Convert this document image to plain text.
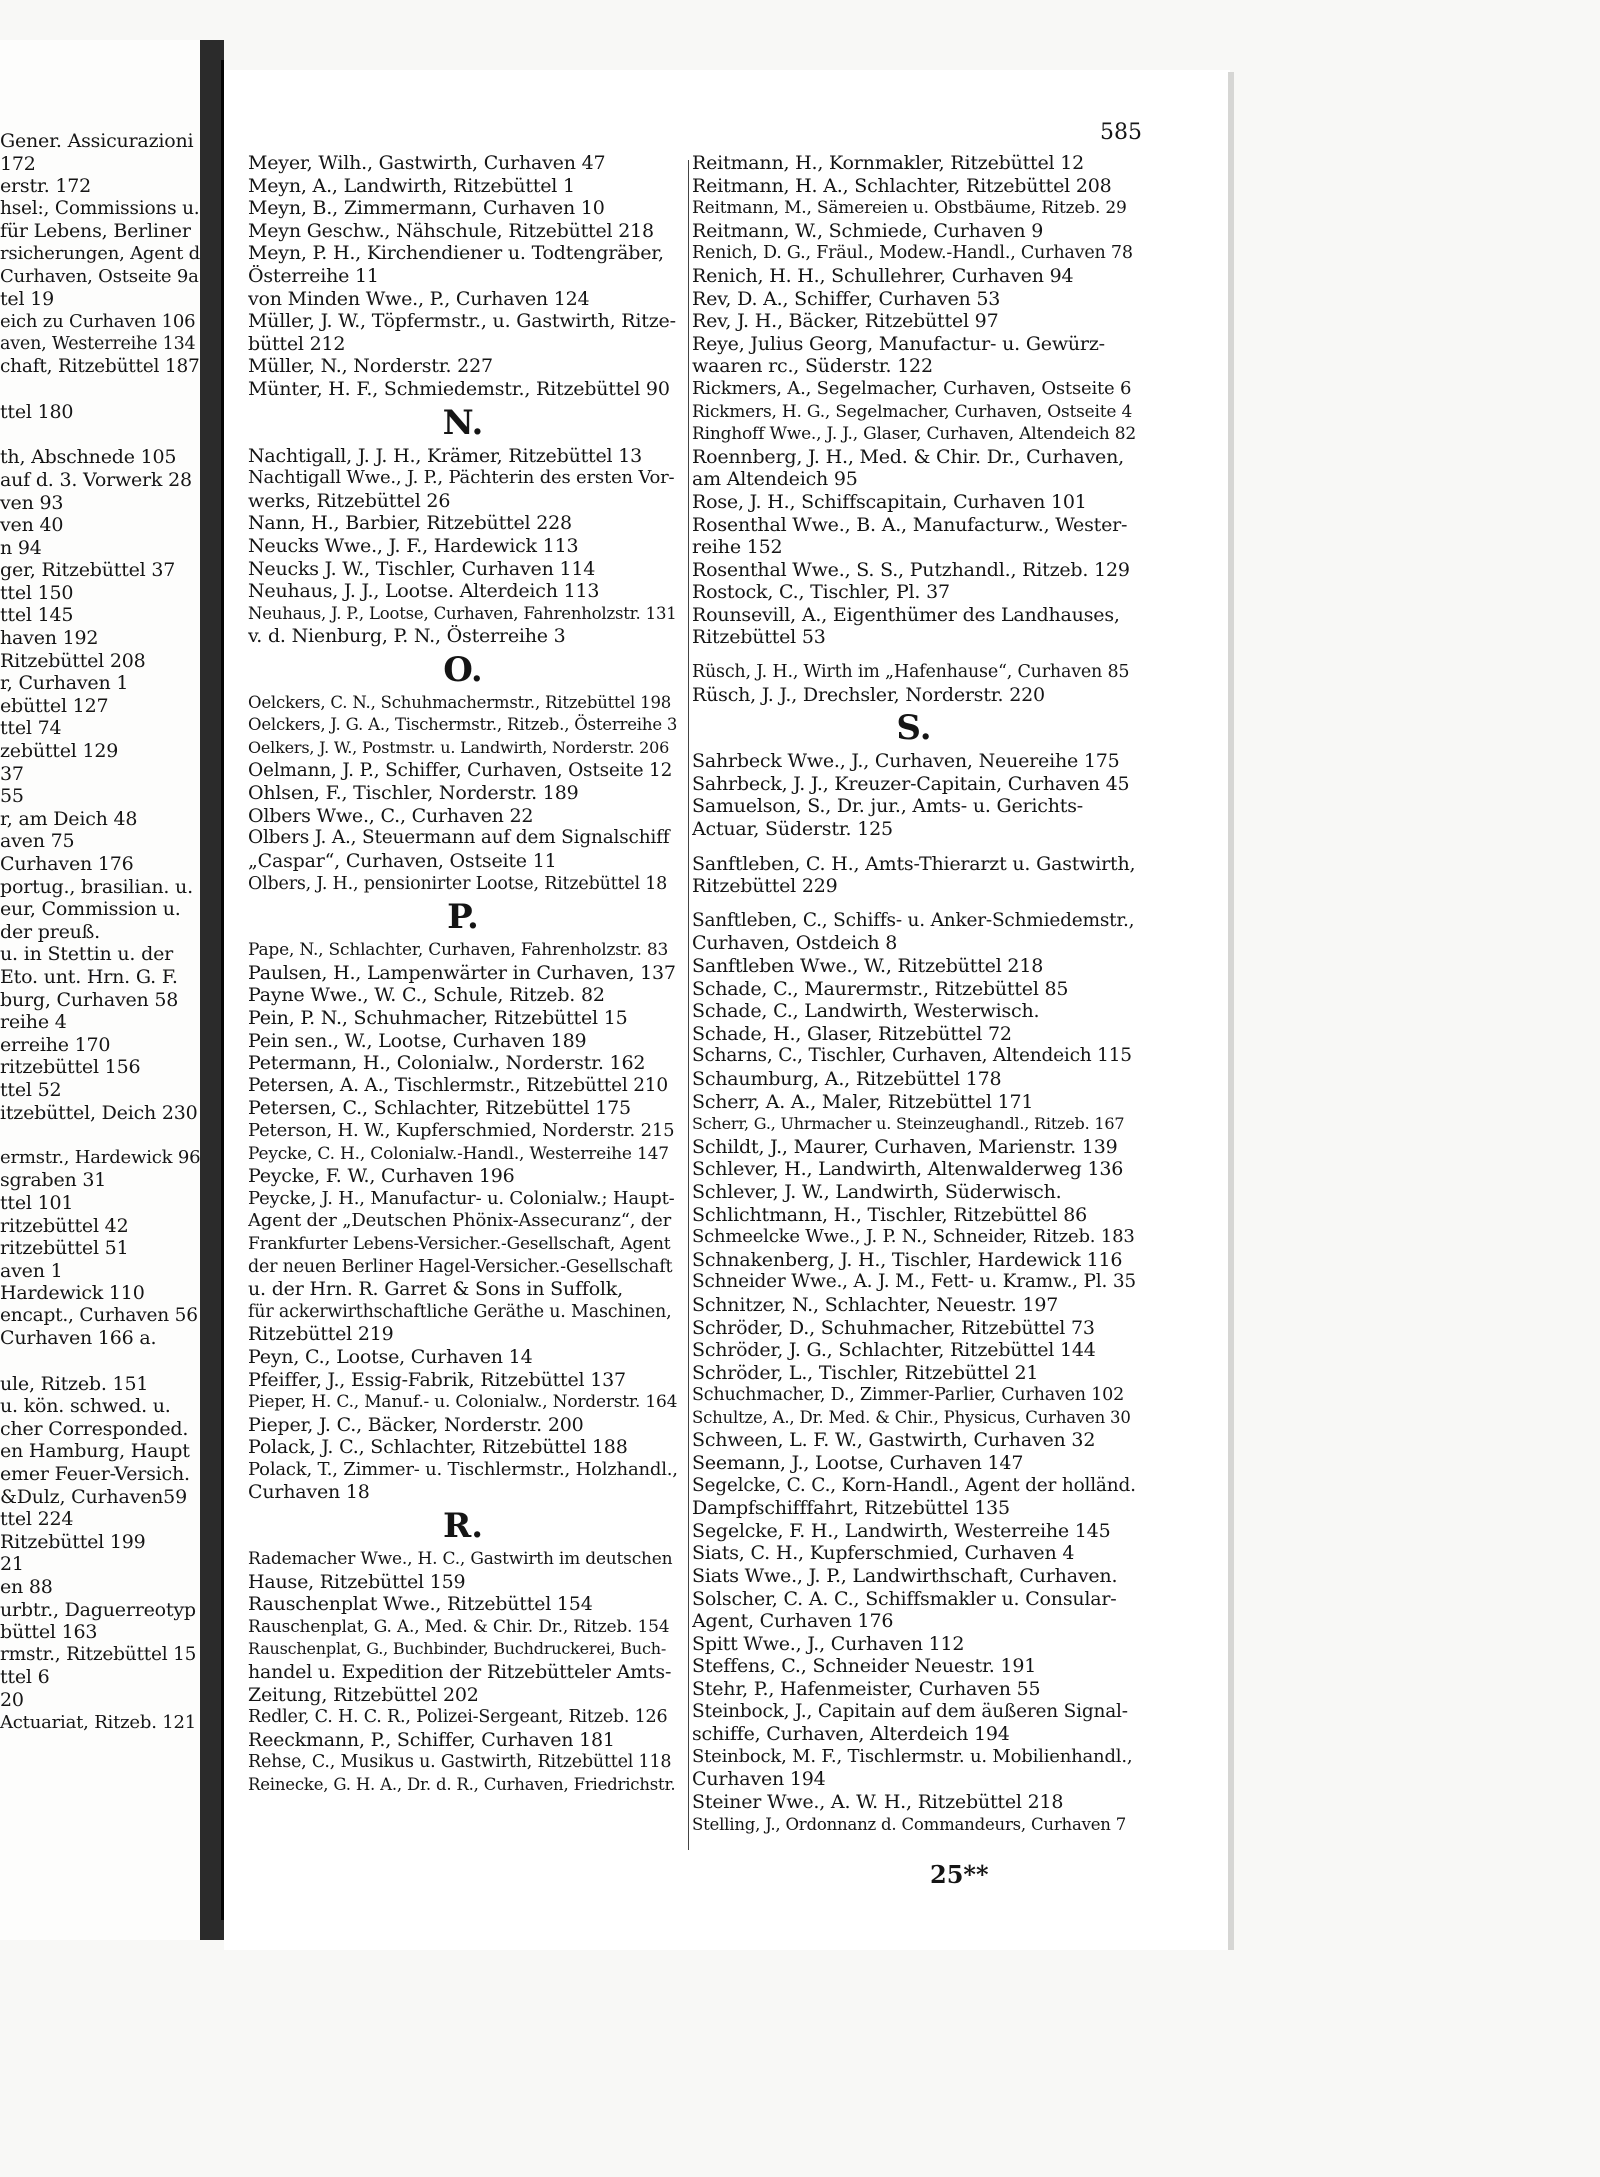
Gener. Assicurazioni
172
erstr. 172
hsel:, Commissions u.
für Lebens, Berliner
rsicherungen, Agent d
Curhaven, Ostseite 9a
tel 19
eich zu Curhaven 106
aven, Westerreihe 134
chaft, Ritzebüttel 187
ttel 180
th, Abschnede 105
auf d. 3. Vorwerk 28
ven 93
ven 40
n 94
ger, Ritzebüttel 37
ttel 150
ttel 145
haven 192
Ritzebüttel 208
r, Curhaven 1
ebüttel 127
ttel 74
zebüttel 129
37
55
r, am Deich 48
aven 75
Curhaven 176
portug., brasilian. u.
eur, Commission u.
der preuß.
u. in Stettin u. der
Eto. unt. Hrn. G. F.
burg, Curhaven 58
reihe 4
erreihe 170
ritzebüttel 156
ttel 52
itzebüttel, Deich 230
ermstr., Hardewick 96
sgraben 31
ttel 101
ritzebüttel 42
ritzebüttel 51
aven 1
Hardewick 110
encapt., Curhaven 56
Curhaven 166 a.
ule, Ritzeb. 151
u. kön. schwed. u.
cher Corresponded.
en Hamburg, Haupt
emer Feuer-Versich.
&Dulz, Curhaven59
ttel 224
Ritzebüttel 199
21
en 88
urbtr., Daguerreotyp
büttel 163
rmstr., Ritzebüttel 15
ttel 6
20
Actuariat, Ritzeb. 121
585
Meyer, Wilh., Gastwirth, Curhaven 47
Meyn, A., Landwirth, Ritzebüttel 1
Meyn, B., Zimmermann, Curhaven 10
Meyn Geschw., Nähschule, Ritzebüttel 218
Meyn, P. H., Kirchendiener u. Todtengräber,
Österreihe 11
von Minden Wwe., P., Curhaven 124
Müller, J. W., Töpfermstr., u. Gastwirth, Ritze-
büttel 212
Müller, N., Norderstr. 227
Münter, H. F., Schmiedemstr., Ritzebüttel 90
N.
Nachtigall, J. J. H., Krämer, Ritzebüttel 13
Nachtigall Wwe., J. P., Pächterin des ersten Vor-
werks, Ritzebüttel 26
Nann, H., Barbier, Ritzebüttel 228
Neucks Wwe., J. F., Hardewick 113
Neucks J. W., Tischler, Curhaven 114
Neuhaus, J. J., Lootse. Alterdeich 113
Neuhaus, J. P., Lootse, Curhaven, Fahrenholzstr. 131
v. d. Nienburg, P. N., Österreihe 3
O.
Oelckers, C. N., Schuhmachermstr., Ritzebüttel 198
Oelckers, J. G. A., Tischermstr., Ritzeb., Österreihe 3
Oelkers, J. W., Postmstr. u. Landwirth, Norderstr. 206
Oelmann, J. P., Schiffer, Curhaven, Ostseite 12
Ohlsen, F., Tischler, Norderstr. 189
Olbers Wwe., C., Curhaven 22
Olbers J. A., Steuermann auf dem Signalschiff
„Caspar“, Curhaven, Ostseite 11
Olbers, J. H., pensionirter Lootse, Ritzebüttel 18
P.
Pape, N., Schlachter, Curhaven, Fahrenholzstr. 83
Paulsen, H., Lampenwärter in Curhaven, 137
Payne Wwe., W. C., Schule, Ritzeb. 82
Pein, P. N., Schuhmacher, Ritzebüttel 15
Pein sen., W., Lootse, Curhaven 189
Petermann, H., Colonialw., Norderstr. 162
Petersen, A. A., Tischlermstr., Ritzebüttel 210
Petersen, C., Schlachter, Ritzebüttel 175
Peterson, H. W., Kupferschmied, Norderstr. 215
Peycke, C. H., Colonialw.-Handl., Westerreihe 147
Peycke, F. W., Curhaven 196
Peycke, J. H., Manufactur- u. Colonialw.; Haupt-
Agent der „Deutschen Phönix-Assecuranz“, der
Frankfurter Lebens-Versicher.-Gesellschaft, Agent
der neuen Berliner Hagel-Versicher.-Gesellschaft
u. der Hrn. R. Garret & Sons in Suffolk,
für ackerwirthschaftliche Geräthe u. Maschinen,
Ritzebüttel 219
Peyn, C., Lootse, Curhaven 14
Pfeiffer, J., Essig-Fabrik, Ritzebüttel 137
Pieper, H. C., Manuf.- u. Colonialw., Norderstr. 164
Pieper, J. C., Bäcker, Norderstr. 200
Polack, J. C., Schlachter, Ritzebüttel 188
Polack, T., Zimmer- u. Tischlermstr., Holzhandl.,
Curhaven 18
R.
Rademacher Wwe., H. C., Gastwirth im deutschen
Hause, Ritzebüttel 159
Rauschenplat Wwe., Ritzebüttel 154
Rauschenplat, G. A., Med. & Chir. Dr., Ritzeb. 154
Rauschenplat, G., Buchbinder, Buchdruckerei, Buch-
handel u. Expedition der Ritzebütteler Amts-
Zeitung, Ritzebüttel 202
Redler, C. H. C. R., Polizei-Sergeant, Ritzeb. 126
Reeckmann, P., Schiffer, Curhaven 181
Rehse, C., Musikus u. Gastwirth, Ritzebüttel 118
Reinecke, G. H. A., Dr. d. R., Curhaven, Friedrichstr.
Reitmann, H., Kornmakler, Ritzebüttel 12
Reitmann, H. A., Schlachter, Ritzebüttel 208
Reitmann, M., Sämereien u. Obstbäume, Ritzeb. 29
Reitmann, W., Schmiede, Curhaven 9
Renich, D. G., Fräul., Modew.-Handl., Curhaven 78
Renich, H. H., Schullehrer, Curhaven 94
Rev, D. A., Schiffer, Curhaven 53
Rev, J. H., Bäcker, Ritzebüttel 97
Reye, Julius Georg, Manufactur- u. Gewürz-
waaren rc., Süderstr. 122
Rickmers, A., Segelmacher, Curhaven, Ostseite 6
Rickmers, H. G., Segelmacher, Curhaven, Ostseite 4
Ringhoff Wwe., J. J., Glaser, Curhaven, Altendeich 82
Roennberg, J. H., Med. & Chir. Dr., Curhaven,
am Altendeich 95
Rose, J. H., Schiffscapitain, Curhaven 101
Rosenthal Wwe., B. A., Manufacturw., Wester-
reihe 152
Rosenthal Wwe., S. S., Putzhandl., Ritzeb. 129
Rostock, C., Tischler, Pl. 37
Rounsevill, A., Eigenthümer des Landhauses,
Ritzebüttel 53
Rüsch, J. H., Wirth im „Hafenhause“, Curhaven 85
Rüsch, J. J., Drechsler, Norderstr. 220
S.
Sahrbeck Wwe., J., Curhaven, Neuereihe 175
Sahrbeck, J. J., Kreuzer-Capitain, Curhaven 45
Samuelson, S., Dr. jur., Amts- u. Gerichts-
Actuar, Süderstr. 125
Sanftleben, C. H., Amts-Thierarzt u. Gastwirth,
Ritzebüttel 229
Sanftleben, C., Schiffs- u. Anker-Schmiedemstr.,
Curhaven, Ostdeich 8
Sanftleben Wwe., W., Ritzebüttel 218
Schade, C., Maurermstr., Ritzebüttel 85
Schade, C., Landwirth, Westerwisch.
Schade, H., Glaser, Ritzebüttel 72
Scharns, C., Tischler, Curhaven, Altendeich 115
Schaumburg, A., Ritzebüttel 178
Scherr, A. A., Maler, Ritzebüttel 171
Scherr, G., Uhrmacher u. Steinzeughandl., Ritzeb. 167
Schildt, J., Maurer, Curhaven, Marienstr. 139
Schlever, H., Landwirth, Altenwalderweg 136
Schlever, J. W., Landwirth, Süderwisch.
Schlichtmann, H., Tischler, Ritzebüttel 86
Schmeelcke Wwe., J. P. N., Schneider, Ritzeb. 183
Schnakenberg, J. H., Tischler, Hardewick 116
Schneider Wwe., A. J. M., Fett- u. Kramw., Pl. 35
Schnitzer, N., Schlachter, Neuestr. 197
Schröder, D., Schuhmacher, Ritzebüttel 73
Schröder, J. G., Schlachter, Ritzebüttel 144
Schröder, L., Tischler, Ritzebüttel 21
Schuchmacher, D., Zimmer-Parlier, Curhaven 102
Schultze, A., Dr. Med. & Chir., Physicus, Curhaven 30
Schween, L. F. W., Gastwirth, Curhaven 32
Seemann, J., Lootse, Curhaven 147
Segelcke, C. C., Korn-Handl., Agent der holländ.
Dampfschifffahrt, Ritzebüttel 135
Segelcke, F. H., Landwirth, Westerreihe 145
Siats, C. H., Kupferschmied, Curhaven 4
Siats Wwe., J. P., Landwirthschaft, Curhaven.
Solscher, C. A. C., Schiffsmakler u. Consular-
Agent, Curhaven 176
Spitt Wwe., J., Curhaven 112
Steffens, C., Schneider Neuestr. 191
Stehr, P., Hafenmeister, Curhaven 55
Steinbock, J., Capitain auf dem äußeren Signal-
schiffe, Curhaven, Alterdeich 194
Steinbock, M. F., Tischlermstr. u. Mobilienhandl.,
Curhaven 194
Steiner Wwe., A. W. H., Ritzebüttel 218
Stelling, J., Ordonnanz d. Commandeurs, Curhaven 7
25**
